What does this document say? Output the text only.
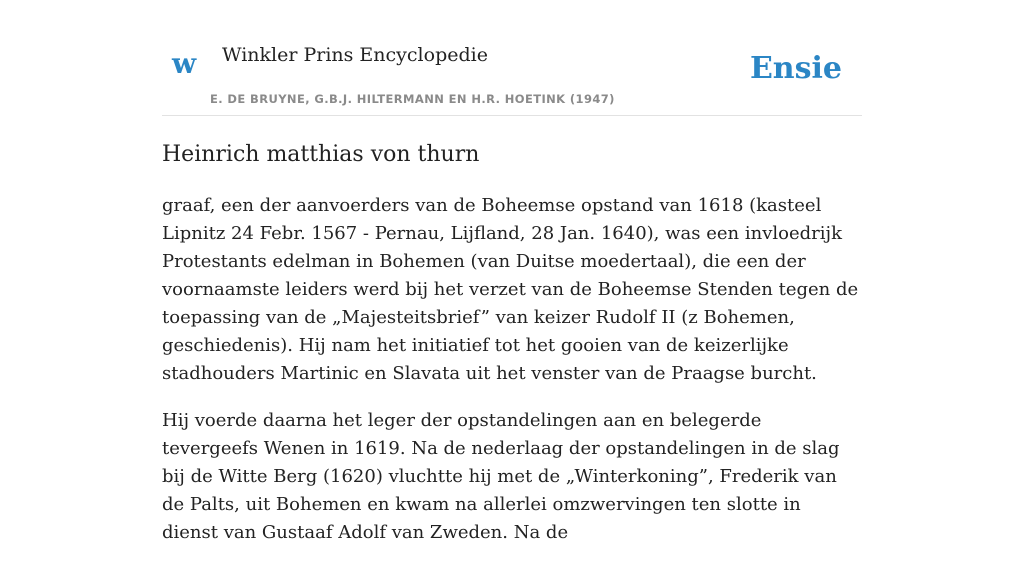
w Winkler Prins Encyclopedie
E. DE BRUYNE, G.B.J. HILTERMANN EN H.R. HOETINK (1947)
Ensie
Heinrich matthias von thurn

graaf, een der aanvoerders van de Boheemse opstand van 1618 (kasteel Lipnitz 24 Febr. 1567 - Pernau, Lijfland, 28 Jan. 1640), was een invloedrijk Protestants edelman in Bohemen (van Duitse moedertaal), die een der voornaamste leiders werd bij het verzet van de Boheemse Stenden tegen de toepassing van de „Majesteitsbrief” van keizer Rudolf II (z Bohemen, geschiedenis). Hij nam het initiatief tot het gooien van de keizerlijke stadhouders Martinic en Slavata uit het venster van de Praagse burcht.

Hij voerde daarna het leger der opstandelingen aan en belegerde tevergeefs Wenen in 1619. Na de nederlaag der opstandelingen in de slag bij de Witte Berg (1620) vluchtte hij met de „Winterkoning”, Frederik van de Palts, uit Bohemen en kwam na allerlei omzwervingen ten slotte in dienst van Gustaaf Adolf van Zweden. Na de
